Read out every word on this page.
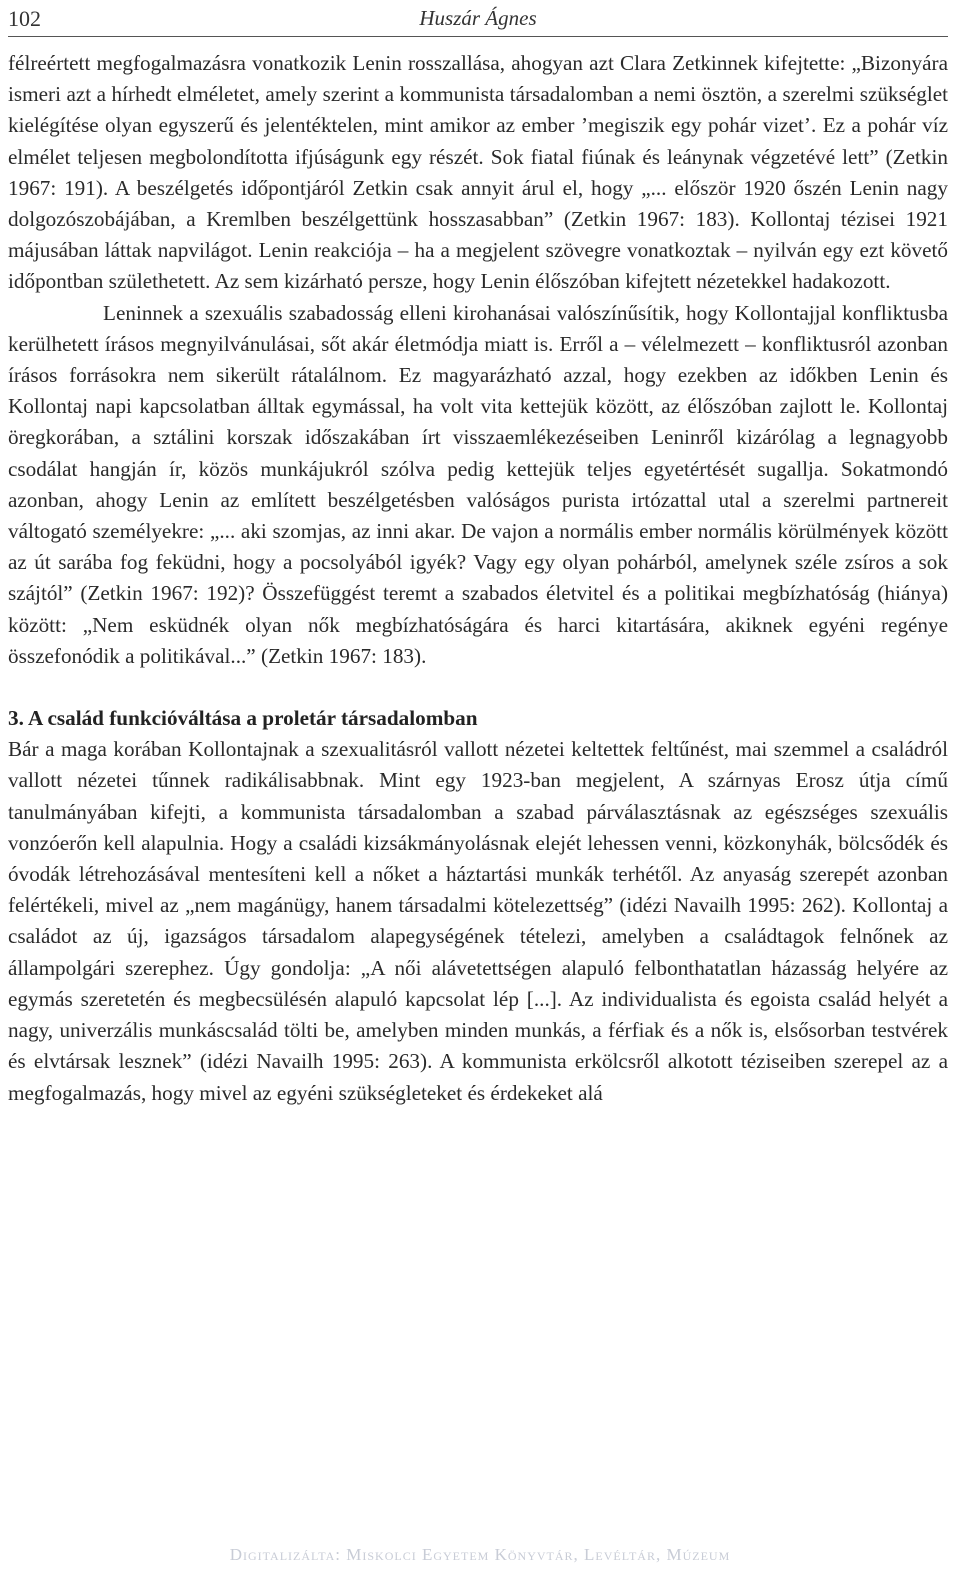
102	Huszár Ágnes

félreértett megfogalmazásra vonatkozik Lenin rosszallása, ahogyan azt Clara Zetkinnek kifejtette: „Bizonyára ismeri azt a hírhedt elméletet, amely szerint a kommunista társadalomban a nemi ösztön, a szerelmi szükséglet kielégítése olyan egyszerű és jelentéktelen, mint amikor az ember ’megiszik egy pohár vizet’. Ez a pohár víz elmélet teljesen megbolondította ifjúságunk egy részét. Sok fiatal fiúnak és leánynak végzetévé lett” (Zetkin 1967: 191). A beszélgetés időpontjáról Zetkin csak annyit árul el, hogy „... először 1920 őszén Lenin nagy dolgozószobájában, a Kremlben beszélgettünk hosszasabban” (Zetkin 1967: 183). Kollontaj tézisei 1921 májusában láttak napvilágot. Lenin reakciója – ha a megjelent szövegre vonatkoztak – nyilván egy ezt követő időpontban születhetett. Az sem kizárható persze, hogy Lenin élőszóban kifejtett nézetekkel hadakozott.

Leninnek a szexuális szabadosság elleni kirohanásai valószínűsítik, hogy Kollontajjal konfliktusba kerülhetett írásos megnyilvánulásai, sőt akár életmódja miatt is. Erről a – vélelmezett – konfliktusról azonban írásos forrásokra nem sikerült rátalálnom. Ez magyarázható azzal, hogy ezekben az időkben Lenin és Kollontaj napi kapcsolatban álltak egymással, ha volt vita kettejük között, az élőszóban zajlott le. Kollontaj öregkorában, a sztálini korszak időszakában írt visszaemlékezéseiben Leninről kizárólag a legnagyobb csodálat hangján ír, közös munkájukról szólva pedig kettejük teljes egyetértését sugallja. Sokatmondó azonban, ahogy Lenin az említett beszélgetésben valóságos purista irtózattal utal a szerelmi partnereit váltogató személyekre: „... aki szomjas, az inni akar. De vajon a normális ember normális körülmények között az út sarába fog feküdni, hogy a pocsolyából igyék? Vagy egy olyan pohárból, amelynek széle zsíros a sok szájtól” (Zetkin 1967: 192)? Összefüggést teremt a szabados életvitel és a politikai megbízhatóság (hiánya) között: „Nem esküdnék olyan nők megbízhatóságára és harci kitartására, akiknek egyéni regénye összefonódik a politikával...” (Zetkin 1967: 183).

3. A család funkcióváltása a proletár társadalomban

Bár a maga korában Kollontajnak a szexualitásról vallott nézetei keltettek feltűnést, mai szemmel a családról vallott nézetei tűnnek radikálisabbnak. Mint egy 1923-ban megjelent, A szárnyas Erosz útja című tanulmányában kifejti, a kommunista társadalomban a szabad párválasztásnak az egészséges szexuális vonzóerőn kell alapulnia. Hogy a családi kizsákmányolásnak elejét lehessen venni, közkonyhák, bölcsődék és óvodák létrehozásával mentesíteni kell a nőket a háztartási munkák terhétől. Az anyaság szerepét azonban felértékeli, mivel az „nem magánügy, hanem társadalmi kötelezettség” (idézi Navailh 1995: 262). Kollontaj a családot az új, igazságos társadalom alapegységének tételezi, amelyben a családtagok felnőnek az állampolgári szerephez. Úgy gondolja: „A női alávetettségen alapuló felbonthatatlan házasság helyére az egymás szeretetén és megbecsülésén alapuló kapcsolat lép [...]. Az individualista és egoista család helyét a nagy, univerzális munkáscsalád tölti be, amelyben minden munkás, a férfiak és a nők is, elsősorban testvérek és elvtársak lesznek” (idézi Navailh 1995: 263). A kommunista erkölcsről alkotott téziseiben szerepel az a megfogalmazás, hogy mivel az egyéni szükségleteket és érdekeket alá

Digitalizálta: Miskolci Egyetem Könyvtár, Levéltár, Múzeum
